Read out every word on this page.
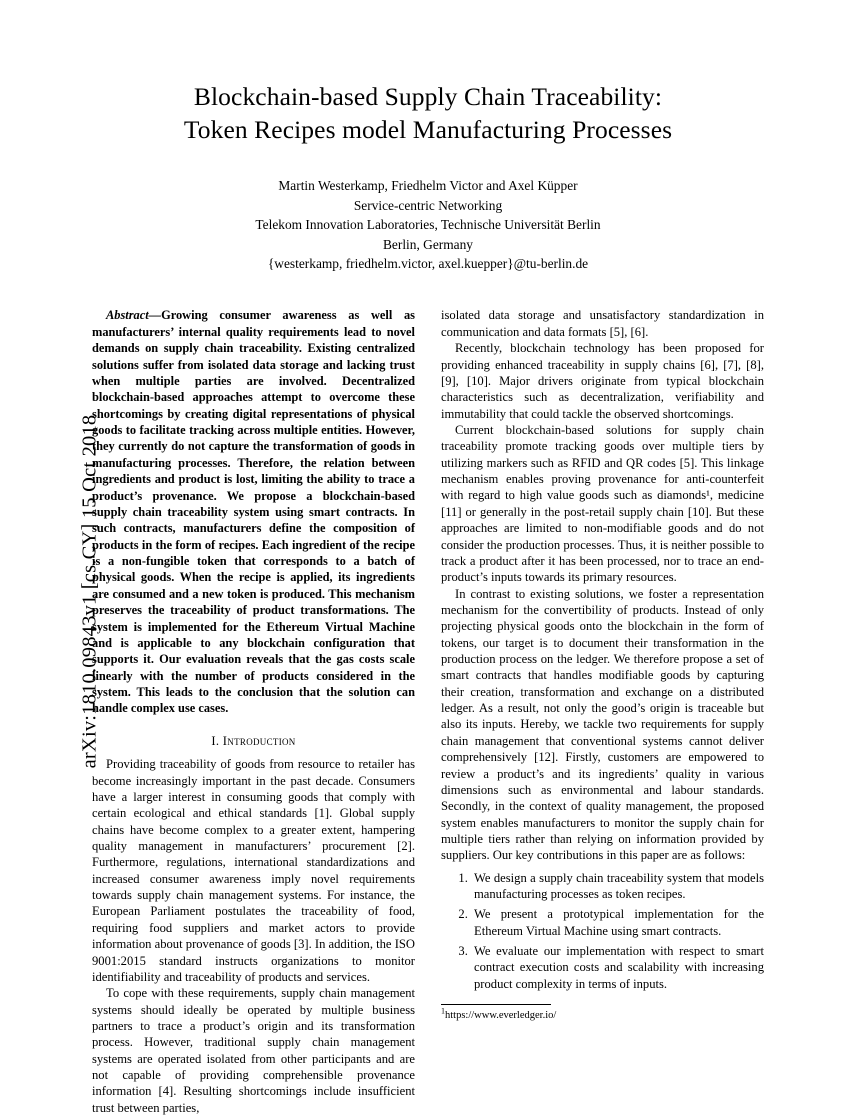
arXiv:1810.09843v1 [cs.CY] 15 Oct 2018
Blockchain-based Supply Chain Traceability:
Token Recipes model Manufacturing Processes
Martin Westerkamp, Friedhelm Victor and Axel Küpper
Service-centric Networking
Telekom Innovation Laboratories, Technische Universität Berlin
Berlin, Germany
{westerkamp, friedhelm.victor, axel.kuepper}@tu-berlin.de
Abstract—Growing consumer awareness as well as manufacturers’ internal quality requirements lead to novel demands on supply chain traceability. Existing centralized solutions suffer from isolated data storage and lacking trust when multiple parties are involved. Decentralized blockchain-based approaches attempt to overcome these shortcomings by creating digital representations of physical goods to facilitate tracking across multiple entities. However, they currently do not capture the transformation of goods in manufacturing processes. Therefore, the relation between ingredients and product is lost, limiting the ability to trace a product’s provenance. We propose a blockchain-based supply chain traceability system using smart contracts. In such contracts, manufacturers define the composition of products in the form of recipes. Each ingredient of the recipe is a non-fungible token that corresponds to a batch of physical goods. When the recipe is applied, its ingredients are consumed and a new token is produced. This mechanism preserves the traceability of product transformations. The system is implemented for the Ethereum Virtual Machine and is applicable to any blockchain configuration that supports it. Our evaluation reveals that the gas costs scale linearly with the number of products considered in the system. This leads to the conclusion that the solution can handle complex use cases.
I. Introduction

Providing traceability of goods from resource to retailer has become increasingly important in the past decade. Consumers have a larger interest in consuming goods that comply with certain ecological and ethical standards [1]. Global supply chains have become complex to a greater extent, hampering quality management in manufacturers’ procurement [2]. Furthermore, regulations, international standardizations and increased consumer awareness imply novel requirements towards supply chain management systems. For instance, the European Parliament postulates the traceability of food, requiring food suppliers and market actors to provide information about provenance of goods [3]. In addition, the ISO 9001:2015 standard instructs organizations to monitor identifiability and traceability of products and services.

To cope with these requirements, supply chain management systems should ideally be operated by multiple business partners to trace a product’s origin and its transformation process. However, traditional supply chain management systems are operated isolated from other participants and are not capable of providing comprehensible provenance information [4]. Resulting shortcomings include insufficient trust between parties,

isolated data storage and unsatisfactory standardization in communication and data formats [5], [6].

Recently, blockchain technology has been proposed for providing enhanced traceability in supply chains [6], [7], [8], [9], [10]. Major drivers originate from typical blockchain characteristics such as decentralization, verifiability and immutability that could tackle the observed shortcomings.

Current blockchain-based solutions for supply chain traceability promote tracking goods over multiple tiers by utilizing markers such as RFID and QR codes [5]. This linkage mechanism enables proving provenance for anti-counterfeit with regard to high value goods such as diamonds¹, medicine [11] or generally in the post-retail supply chain [10]. But these approaches are limited to non-modifiable goods and do not consider the production processes. Thus, it is neither possible to track a product after it has been processed, nor to trace an end-product’s inputs towards its primary resources.

In contrast to existing solutions, we foster a representation mechanism for the convertibility of products. Instead of only projecting physical goods onto the blockchain in the form of tokens, our target is to document their transformation in the production process on the ledger. We therefore propose a set of smart contracts that handles modifiable goods by capturing their creation, transformation and exchange on a distributed ledger. As a result, not only the good’s origin is traceable but also its inputs. Hereby, we tackle two requirements for supply chain management that conventional systems cannot deliver comprehensively [12]. Firstly, customers are empowered to review a product’s and its ingredients’ quality in various dimensions such as environmental and labour standards. Secondly, in the context of quality management, the proposed system enables manufacturers to monitor the supply chain for multiple tiers rather than relying on information provided by suppliers. Our key contributions in this paper are as follows:

1. We design a supply chain traceability system that models manufacturing processes as token recipes.
2. We present a prototypical implementation for the Ethereum Virtual Machine using smart contracts.
3. We evaluate our implementation with respect to smart contract execution costs and scalability with increasing product complexity in terms of inputs.
$^1$https://www.everledger.io/
